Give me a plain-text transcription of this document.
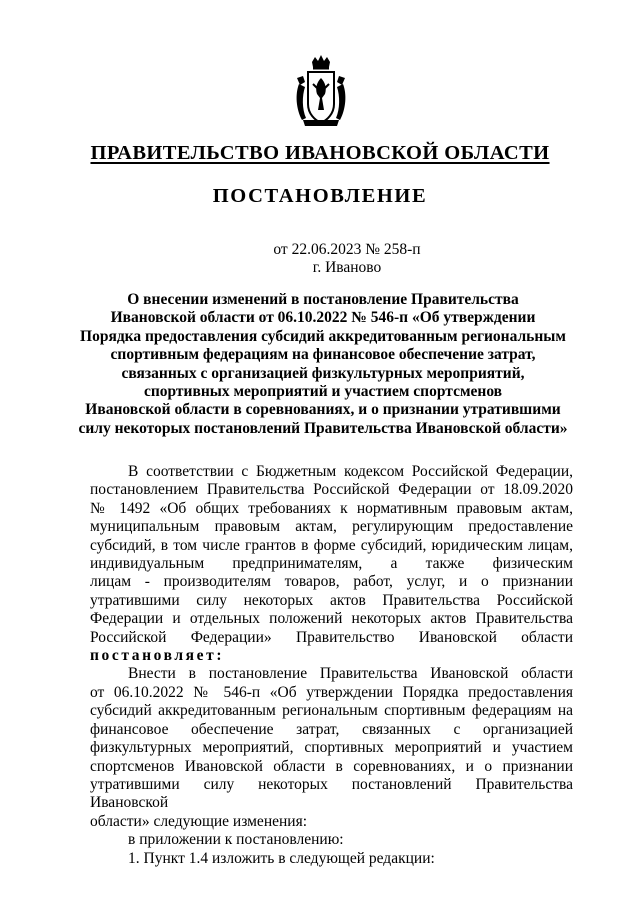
ПРАВИТЕЛЬСТВО ИВАНОВСКОЙ ОБЛАСТИ
ПОСТАНОВЛЕНИЕ
от 22.06.2023 № 258-п
г. Иваново
О внесении изменений в постановление Правительства
Ивановской области от 06.10.2022 № 546-п «Об утверждении
Порядка предоставления субсидий аккредитованным региональным
спортивным федерациям на финансовое обеспечение затрат,
связанных с организацией физкультурных мероприятий,
спортивных мероприятий и участием спортсменов
Ивановской области в соревнованиях, и о признании утратившими
силу некоторых постановлений Правительства Ивановской области»

В соответствии с Бюджетным кодексом Российской Федерации,

постановлением Правительства Российской Федерации от 18.09.2020

№ 1492 «Об общих требованиях к нормативным правовым актам,

муниципальным правовым актам, регулирующим предоставление

субсидий, в том числе грантов в форме субсидий, юридическим лицам,

индивидуальным предпринимателям, а также физическим

лицам - производителям товаров, работ, услуг, и о признании

утратившими силу некоторых актов Правительства Российской

Федерации и отдельных положений некоторых актов Правительства

Российской Федерации» Правительство Ивановской области

постановляет:

Внести в постановление Правительства Ивановской области

от 06.10.2022 № 546-п «Об утверждении Порядка предоставления

субсидий аккредитованным региональным спортивным федерациям на

финансовое обеспечение затрат, связанных с организацией

физкультурных мероприятий, спортивных мероприятий и участием

спортсменов Ивановской области в соревнованиях, и о признании

утратившими силу некоторых постановлений Правительства Ивановской

области» следующие изменения:

в приложении к постановлению:

1. Пункт 1.4 изложить в следующей редакции:
